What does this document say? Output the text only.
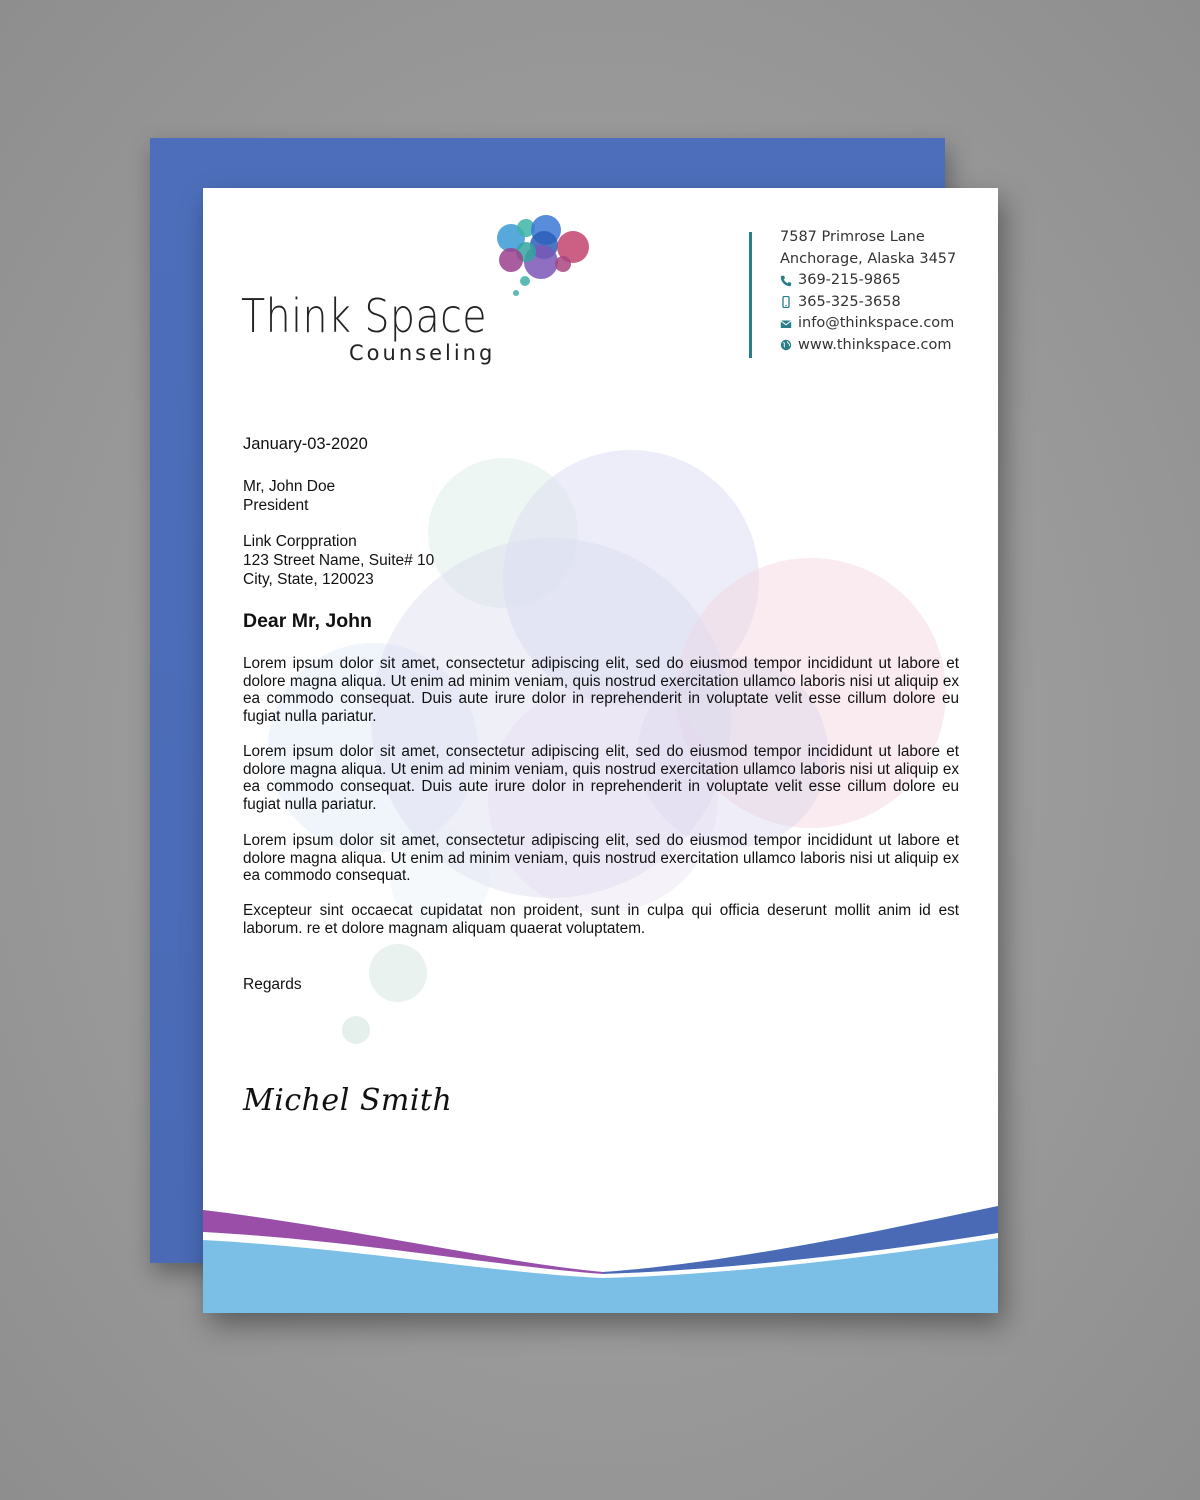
Think Space
Counseling
7587 Primrose Lane
Anchorage, Alaska 3457
369-215-9865
365-325-3658
info@thinkspace.com
www.thinkspace.com
January-03-2020
Mr, John Doe
President
Link Corppration
123 Street Name, Suite# 10
City, State, 120023
Dear Mr, John

Lorem ipsum dolor sit amet, consectetur adipiscing elit, sed do eiusmod tempor incididunt ut labore et dolore magna aliqua. Ut enim ad minim veniam, quis nostrud exercitation ullamco laboris nisi ut aliquip ex ea commodo consequat. Duis aute irure dolor in reprehenderit in voluptate velit esse cillum dolore eu fugiat nulla pariatur.

Lorem ipsum dolor sit amet, consectetur adipiscing elit, sed do eiusmod tempor incididunt ut labore et dolore magna aliqua. Ut enim ad minim veniam, quis nostrud exercitation ullamco laboris nisi ut aliquip ex ea commodo consequat. Duis aute irure dolor in reprehenderit in voluptate velit esse cillum dolore eu fugiat nulla pariatur.

Lorem ipsum dolor sit amet, consectetur adipiscing elit, sed do eiusmod tempor incididunt ut labore et dolore magna aliqua. Ut enim ad minim veniam, quis nostrud exercitation ullamco laboris nisi ut aliquip ex ea commodo consequat.

Excepteur sint occaecat cupidatat non proident, sunt in culpa qui officia deserunt mollit anim id est laborum. re et dolore magnam aliquam quaerat voluptatem.

Regards
Michel Smith
